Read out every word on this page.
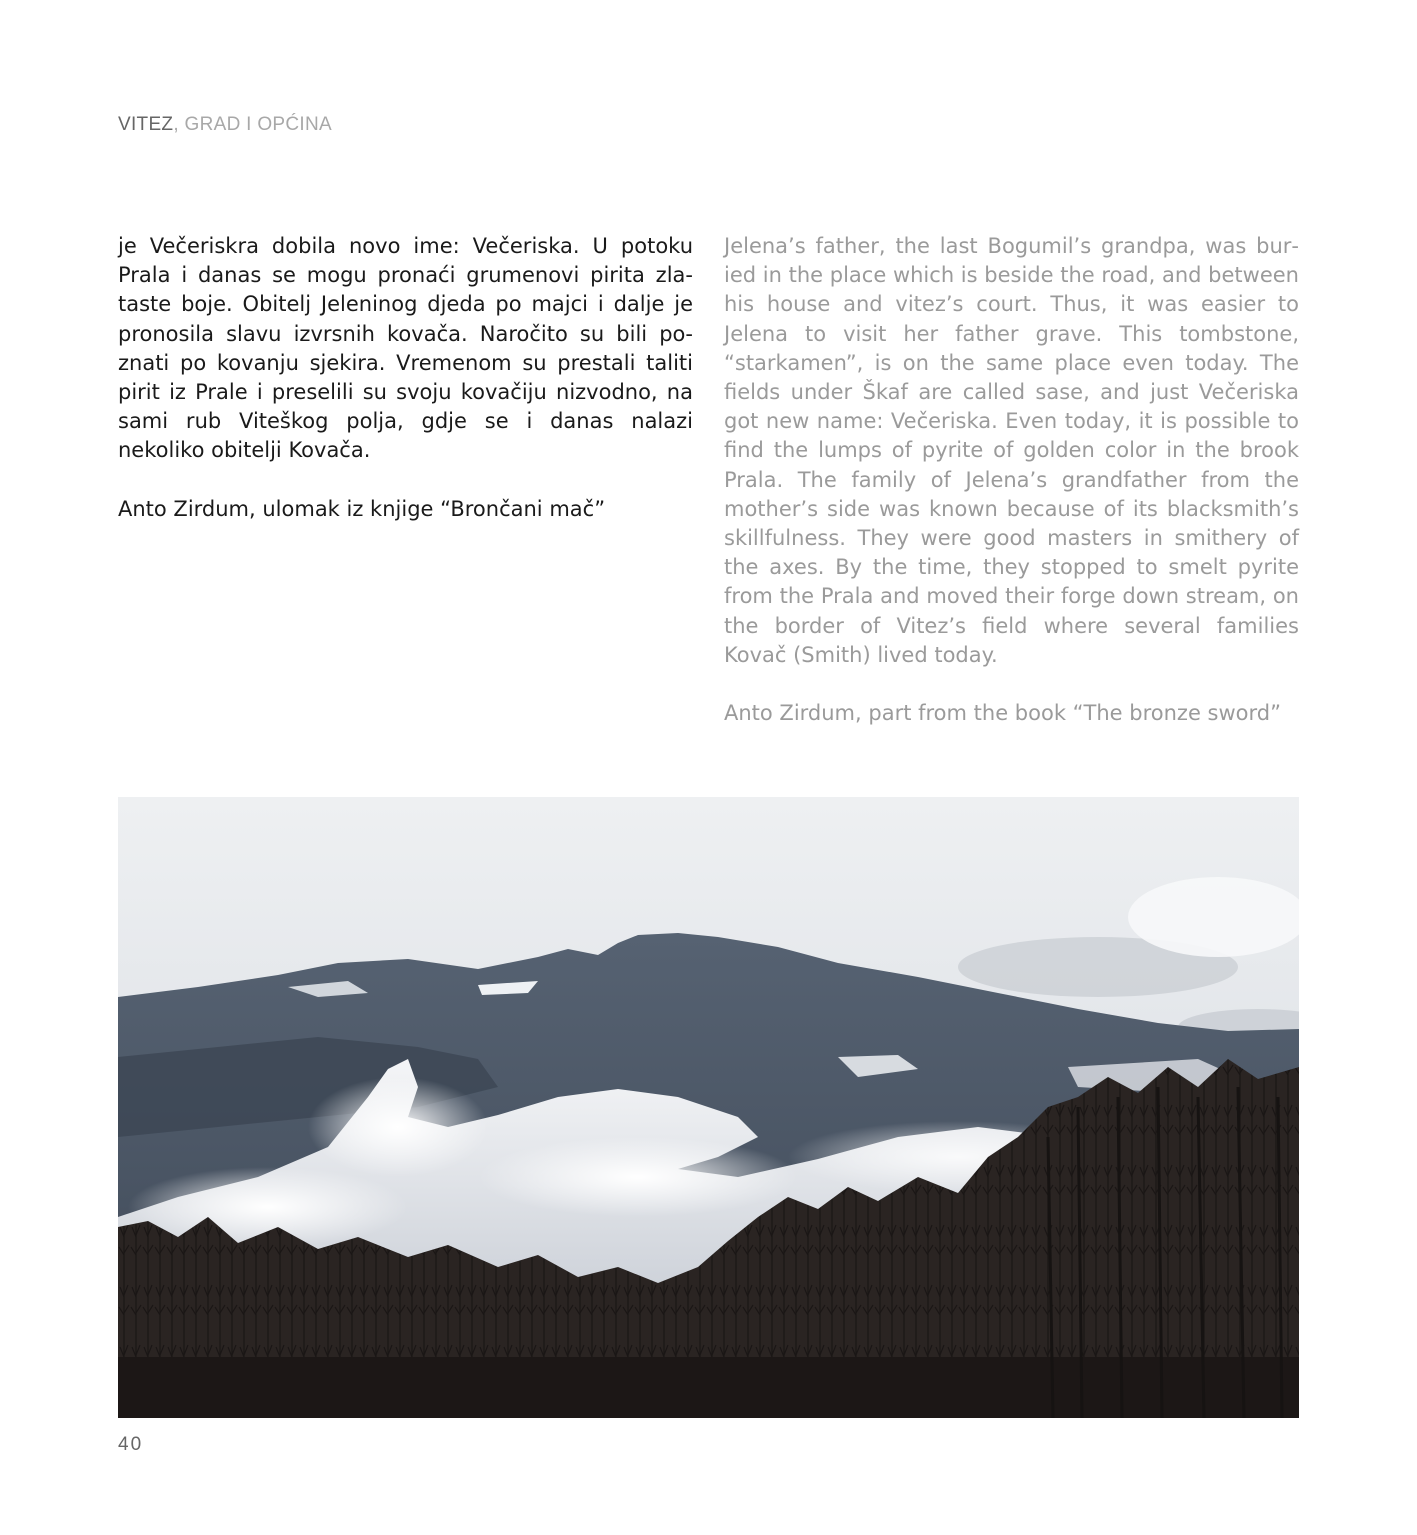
VITEZ, GRAD I OPĆINA

je Večeriskra dobila novo ime: Večeriska. U potoku Prala i danas se mogu pronaći grumenovi pirita zlataste boje. Obitelj Jeleninog djeda po majci i dalje je pronosila slavu izvrsnih kovača. Naročito su bili poznati po kovanju sjekira. Vremenom su prestali taliti pirit iz Prale i preselili su svoju kovačiju nizvodno, na sami rub Viteškog polja, gdje se i danas nalazi nekoliko obitelji Kovača.

Anto Zirdum, ulomak iz knjige “Brončani mač”

Jelena’s father, the last Bogumil’s grandpa, was buried in the place which is beside the road, and between his house and vitez’s court. Thus, it was easier to Jelena to visit her father grave. This tombstone, “starkamen”, is on the same place even today. The fields under Škaf are called sase, and just Večeriska got new name: Večeriska. Even today, it is possible to find the lumps of pyrite of golden color in the brook Prala. The family of Jelena’s grandfather from the mother’s side was known because of its blacksmith’s skillfulness. They were good masters in smithery of the axes. By the time, they stopped to smelt pyrite from the Prala and moved their forge down stream, on the border of Vitez’s field where several families Kovač (Smith) lived today.

Anto Zirdum, part from the book “The bronze sword”

40
